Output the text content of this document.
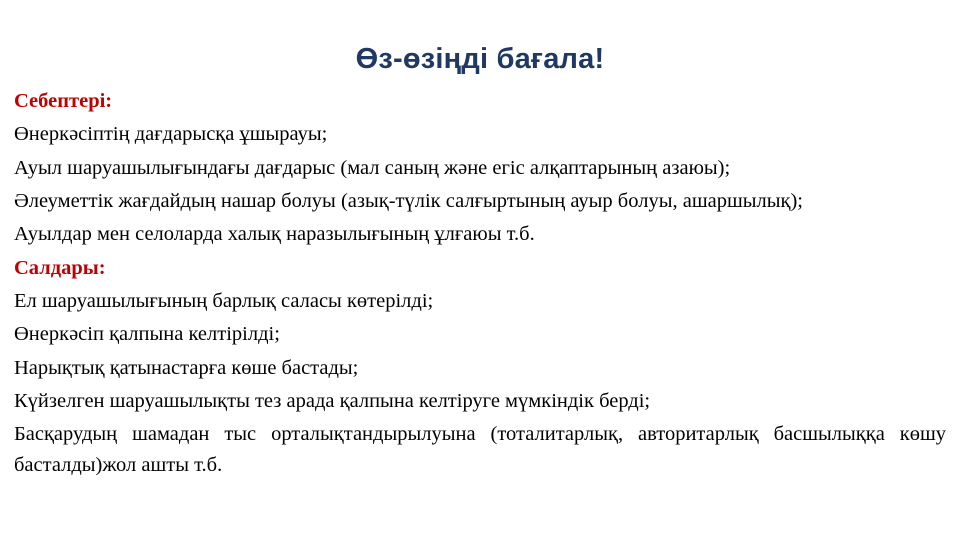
Өз-өзіңді бағала!

Себептері:

Өнеркәсіптің дағдарысқа ұшырауы;

Ауыл шаруашылығындағы дағдарыс (мал саның және егіс алқаптарының азаюы);

Әлеуметтік жағдайдың нашар болуы (азық-түлік салғыртының ауыр болуы, ашаршылық);

Ауылдар мен селоларда халық наразылығының ұлғаюы т.б.

Салдары:

Ел шаруашылығының барлық саласы көтерілді;

Өнеркәсіп қалпына келтірілді;

Нарықтық қатынастарға көше бастады;

Күйзелген шаруашылықты тез арада қалпына келтіруге мүмкіндік берді;

Басқарудың шамадан тыс орталықтандырылуына (тоталитарлық, авторитарлық басшылыққа көшу басталды)жол ашты т.б.
